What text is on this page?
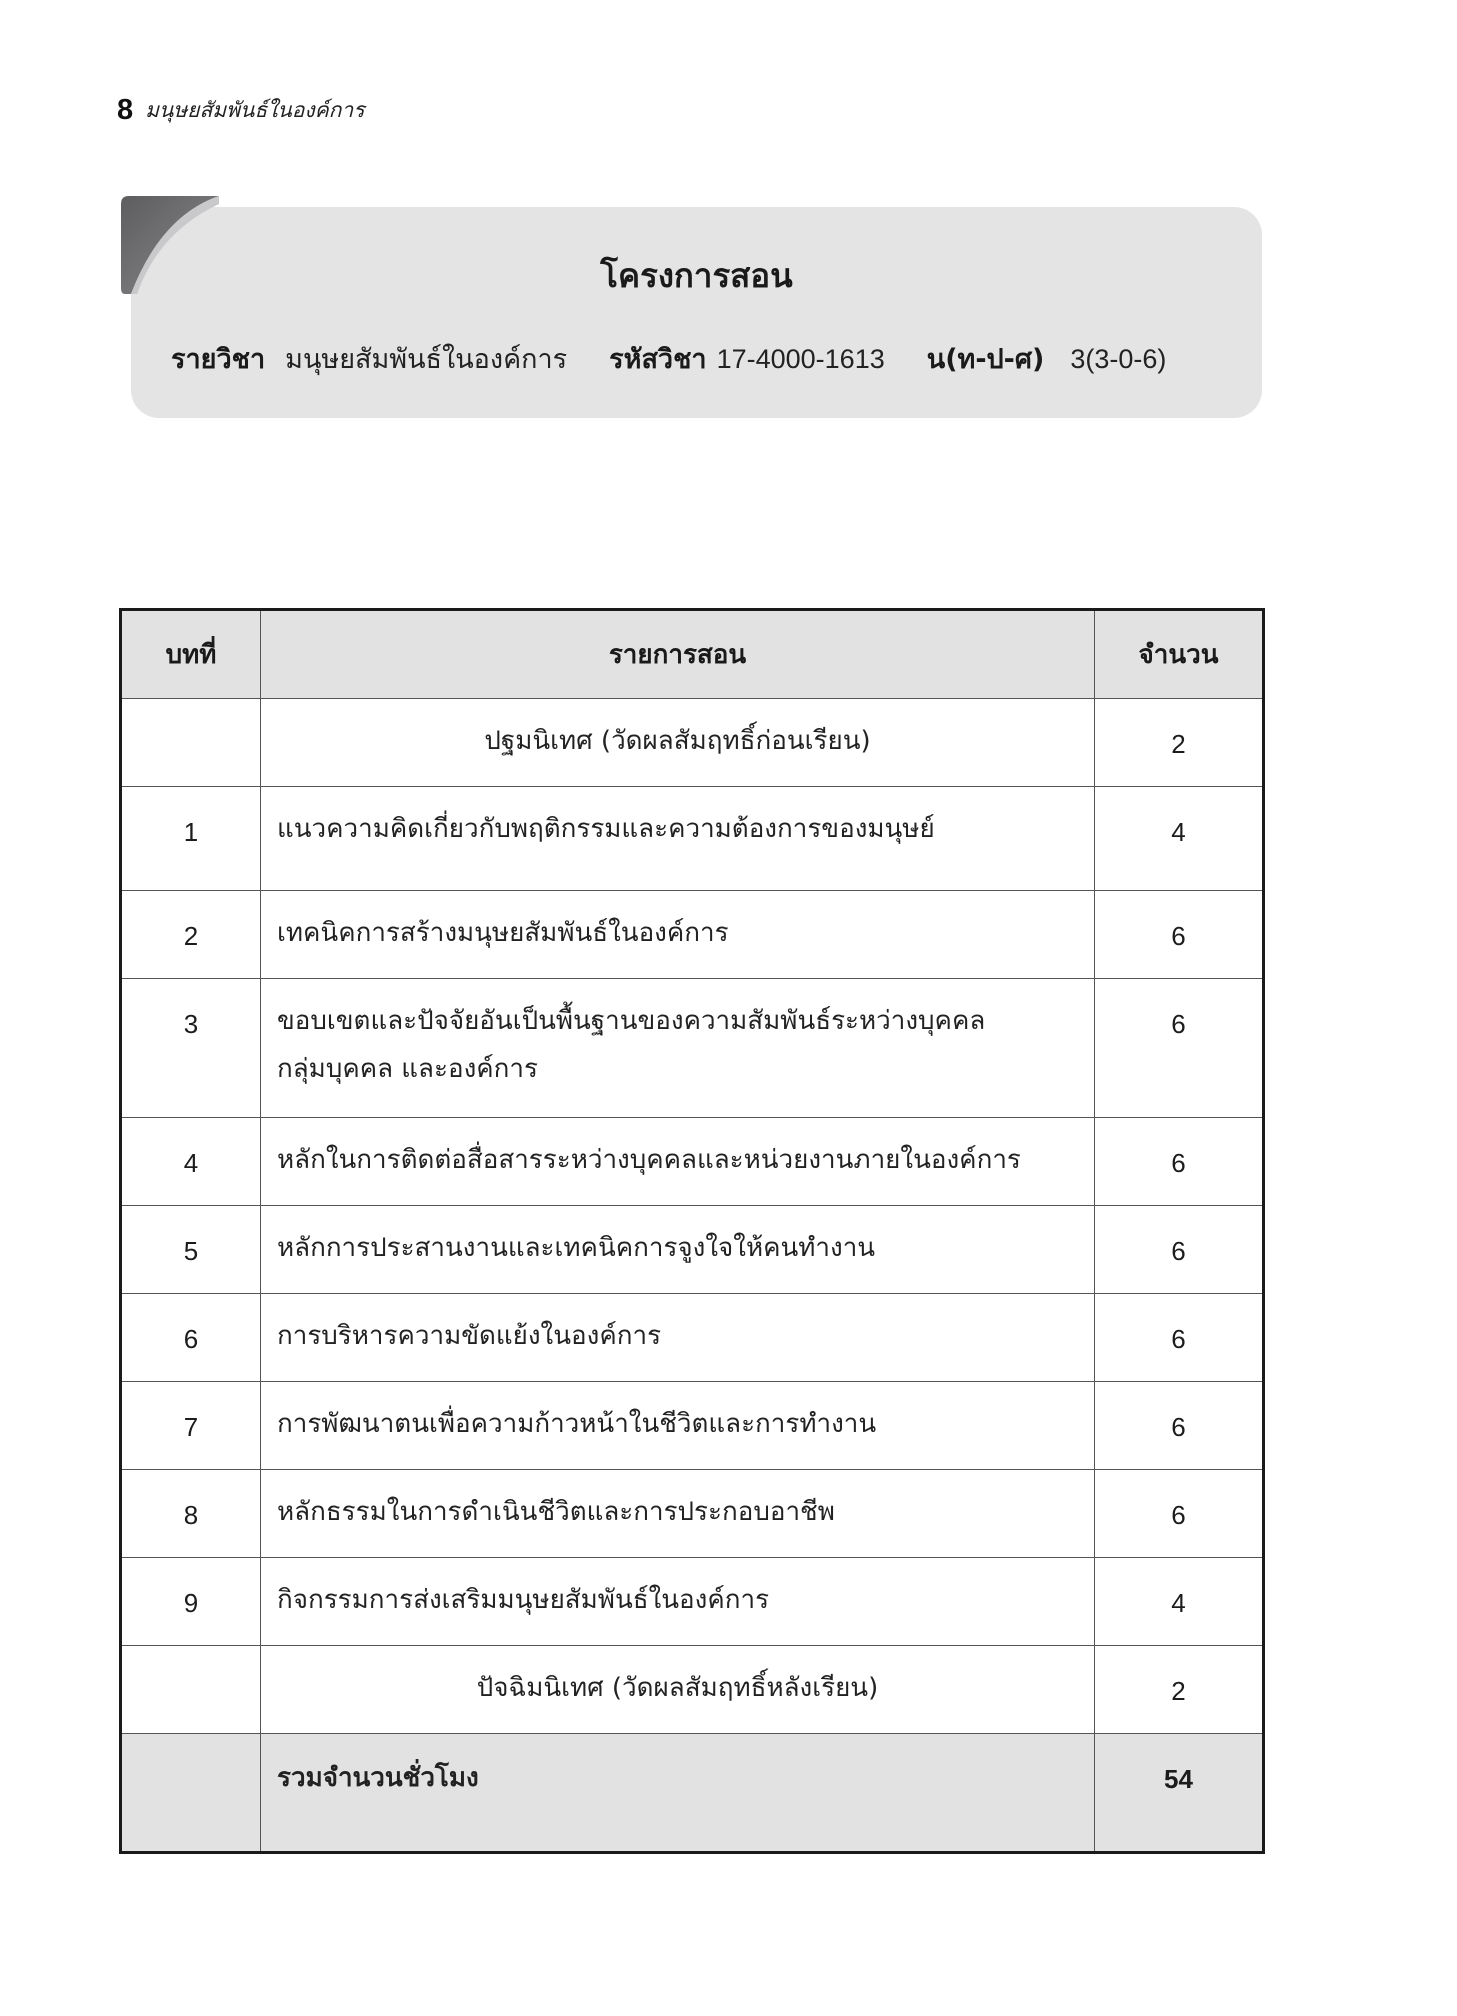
8 มนุษยสัมพันธ์ในองค์การ
โครงการสอน
รายวิชา มนุษยสัมพันธ์ในองค์การ รหัสวิชา 17-4000-1613 น(ท-ป-ศ) 3(3-0-6)
บทที่	รายการสอน	จำนวน
	ปฐมนิเทศ (วัดผลสัมฤทธิ์ก่อนเรียน)	2
1	แนวความคิดเกี่ยวกับพฤติกรรมและความต้องการของมนุษย์	4
2	เทคนิคการสร้างมนุษยสัมพันธ์ในองค์การ	6
3	ขอบเขตและปัจจัยอันเป็นพื้นฐานของความสัมพันธ์ระหว่างบุคคล
กลุ่มบุคคล และองค์การ	6
4	หลักในการติดต่อสื่อสารระหว่างบุคคลและหน่วยงานภายในองค์การ	6
5	หลักการประสานงานและเทคนิคการจูงใจให้คนทำงาน	6
6	การบริหารความขัดแย้งในองค์การ	6
7	การพัฒนาตนเพื่อความก้าวหน้าในชีวิตและการทำงาน	6
8	หลักธรรมในการดำเนินชีวิตและการประกอบอาชีพ	6
9	กิจกรรมการส่งเสริมมนุษยสัมพันธ์ในองค์การ	4
	ปัจฉิมนิเทศ (วัดผลสัมฤทธิ์หลังเรียน)	2
	รวมจำนวนชั่วโมง	54
